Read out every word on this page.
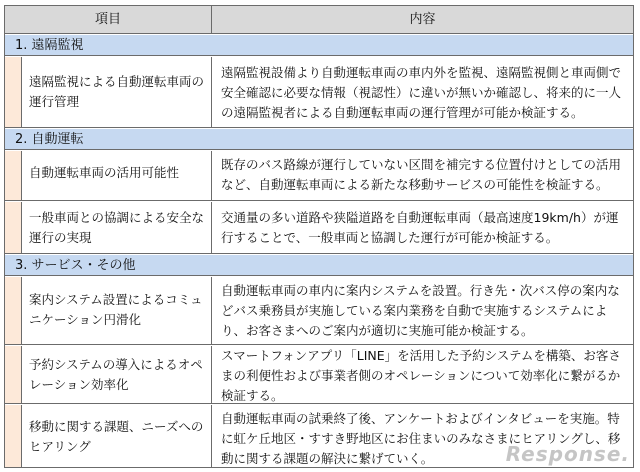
項目	内容
1. 遠隔監視
遠隔監視による自動運転車両の運行管理
遠隔監視設備より自動運転車両の車内外を監視、遠隔監視側と車両側で安全確認に必要な情報（視認性）に違いが無いか確認し、将来的に一人の遠隔監視者による自動運転車両の運行管理が可能か検証する。
2. 自動運転
自動運転車両の活用可能性
既存のバス路線が運行していない区間を補完する位置付けとしての活用など、自動運転車両による新たな移動サービスの可能性を検証する。
一般車両との協調による安全な運行の実現
交通量の多い道路や狭隘道路を自動運転車両（最高速度19km/h）が運行することで、一般車両と協調した運行が可能か検証する。
3. サービス・その他
案内システム設置によるコミュニケーション円滑化
自動運転車両の車内に案内システムを設置。行き先・次バス停の案内などバス乗務員が実施している案内業務を自動で実施するシステムにより、お客さまへのご案内が適切に実施可能か検証する。
予約システムの導入によるオペレーション効率化
スマートフォンアプリ「LINE」を活用した予約システムを構築、お客さまの利便性および事業者側のオペレーションについて効率化に繋がるか検証する。
移動に関する課題、ニーズへのヒアリング
自動運転車両の試乗終了後、アンケートおよびインタビューを実施。特に虹ケ丘地区・すすき野地区にお住まいのみなさまにヒアリングし、移動に関する課題の解決に繋げていく。	Response.
